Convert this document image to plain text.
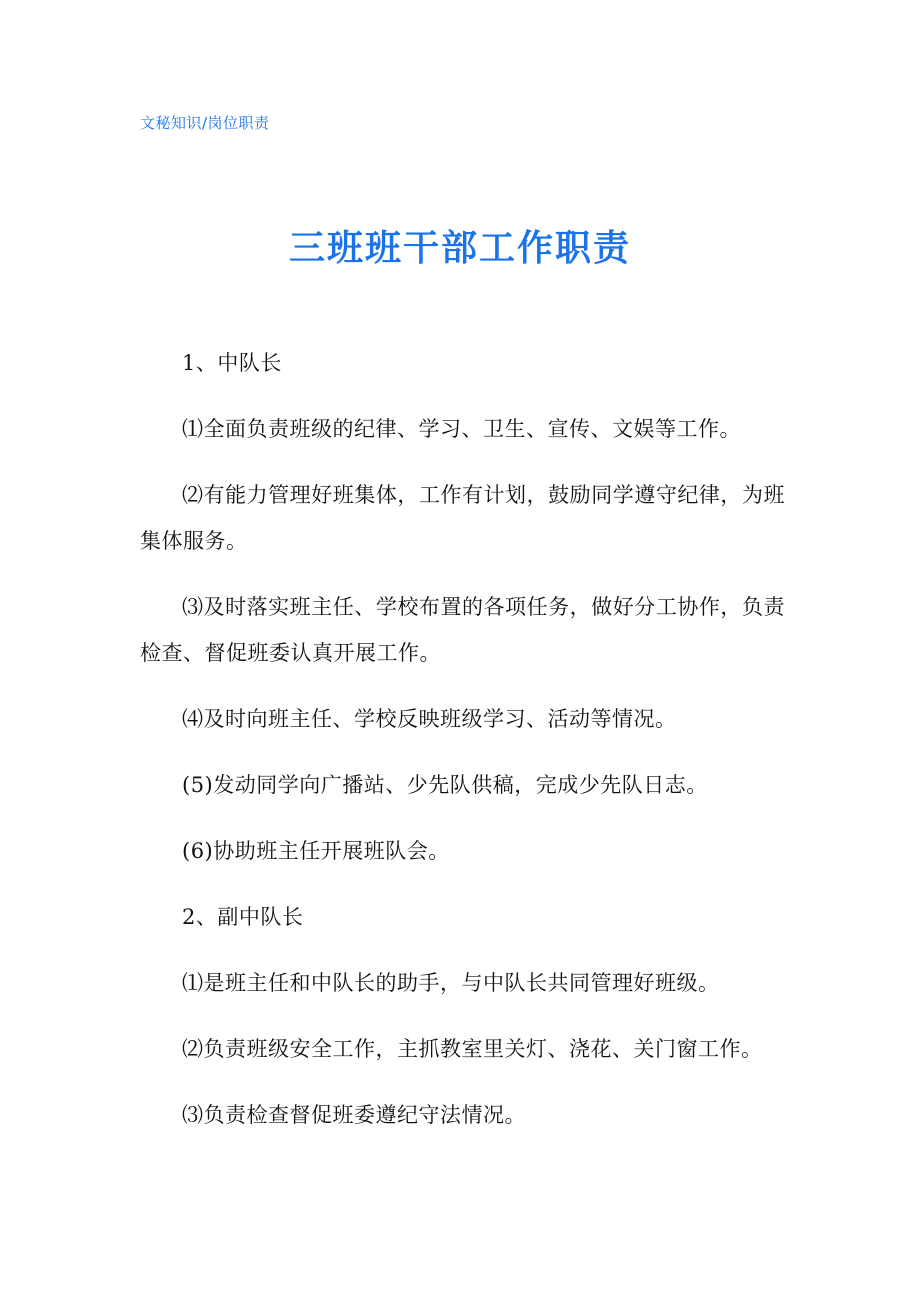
文秘知识/岗位职责
三班班干部工作职责

1、中队长

⑴全面负责班级的纪律、学习、卫生、宣传、文娱等工作。

⑵有能力管理好班集体，工作有计划，鼓励同学遵守纪律，为班集体服务。

⑶及时落实班主任、学校布置的各项任务，做好分工协作，负责检查、督促班委认真开展工作。

⑷及时向班主任、学校反映班级学习、活动等情况。

(5)发动同学向广播站、少先队供稿，完成少先队日志。

(6)协助班主任开展班队会。

2、副中队长

⑴是班主任和中队长的助手，与中队长共同管理好班级。

⑵负责班级安全工作，主抓教室里关灯、浇花、关门窗工作。

⑶负责检查督促班委遵纪守法情况。
